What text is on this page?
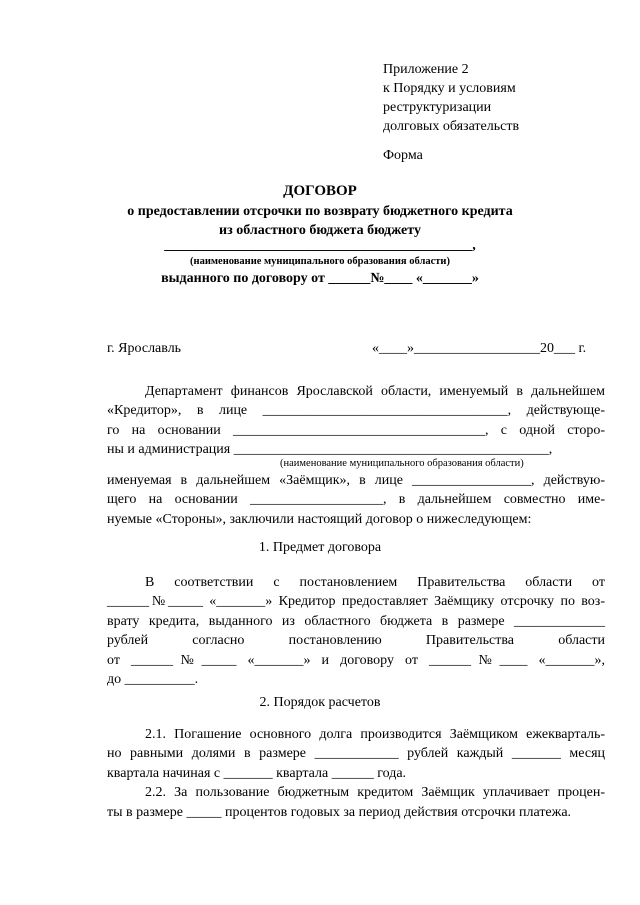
Приложение 2
к Порядку и условиям
реструктуризации
долговых обязательств
Форма
ДОГОВОР
о предоставлении отсрочки по возврату бюджетного кредита
из областного бюджета бюджету
____________________________________________,
(наименование муниципального образования области)
выданного по договору от ______№____ «_______»
г. Ярославль	«____»__________________20___ г.
Департамент финансов Ярославской области, именуемый в дальнейшем
«Кредитор», в лице ___________________________________, действующе-
го на основании ____________________________________, с одной сторо-
ны и администрация _____________________________________________,
(наименование муниципального образования области)
именуемая в дальнейшем «Заёмщик», в лице _________________, действую-
щего на основании ___________________, в дальнейшем совместно име-
нуемые «Стороны», заключили настоящий договор о нижеследующем:
1. Предмет договора
В соответствии с постановлением Правительства области от
______№_____ «_______» Кредитор предоставляет Заёмщику отсрочку по воз-
врату кредита, выданного из областного бюджета в размере _____________
рублей согласно постановлению Правительства области
от ______№_____ «_______» и договору от ______№____ «_______»,
до __________.
2. Порядок расчетов
2.1. Погашение основного долга производится Заёмщиком ежекварталь-
но равными долями в размере ____________ рублей каждый _______ месяц
квартала начиная с _______ квартала ______ года.
2.2. За пользование бюджетным кредитом Заёмщик уплачивает процен-
ты в размере _____ процентов годовых за период действия отсрочки платежа.
